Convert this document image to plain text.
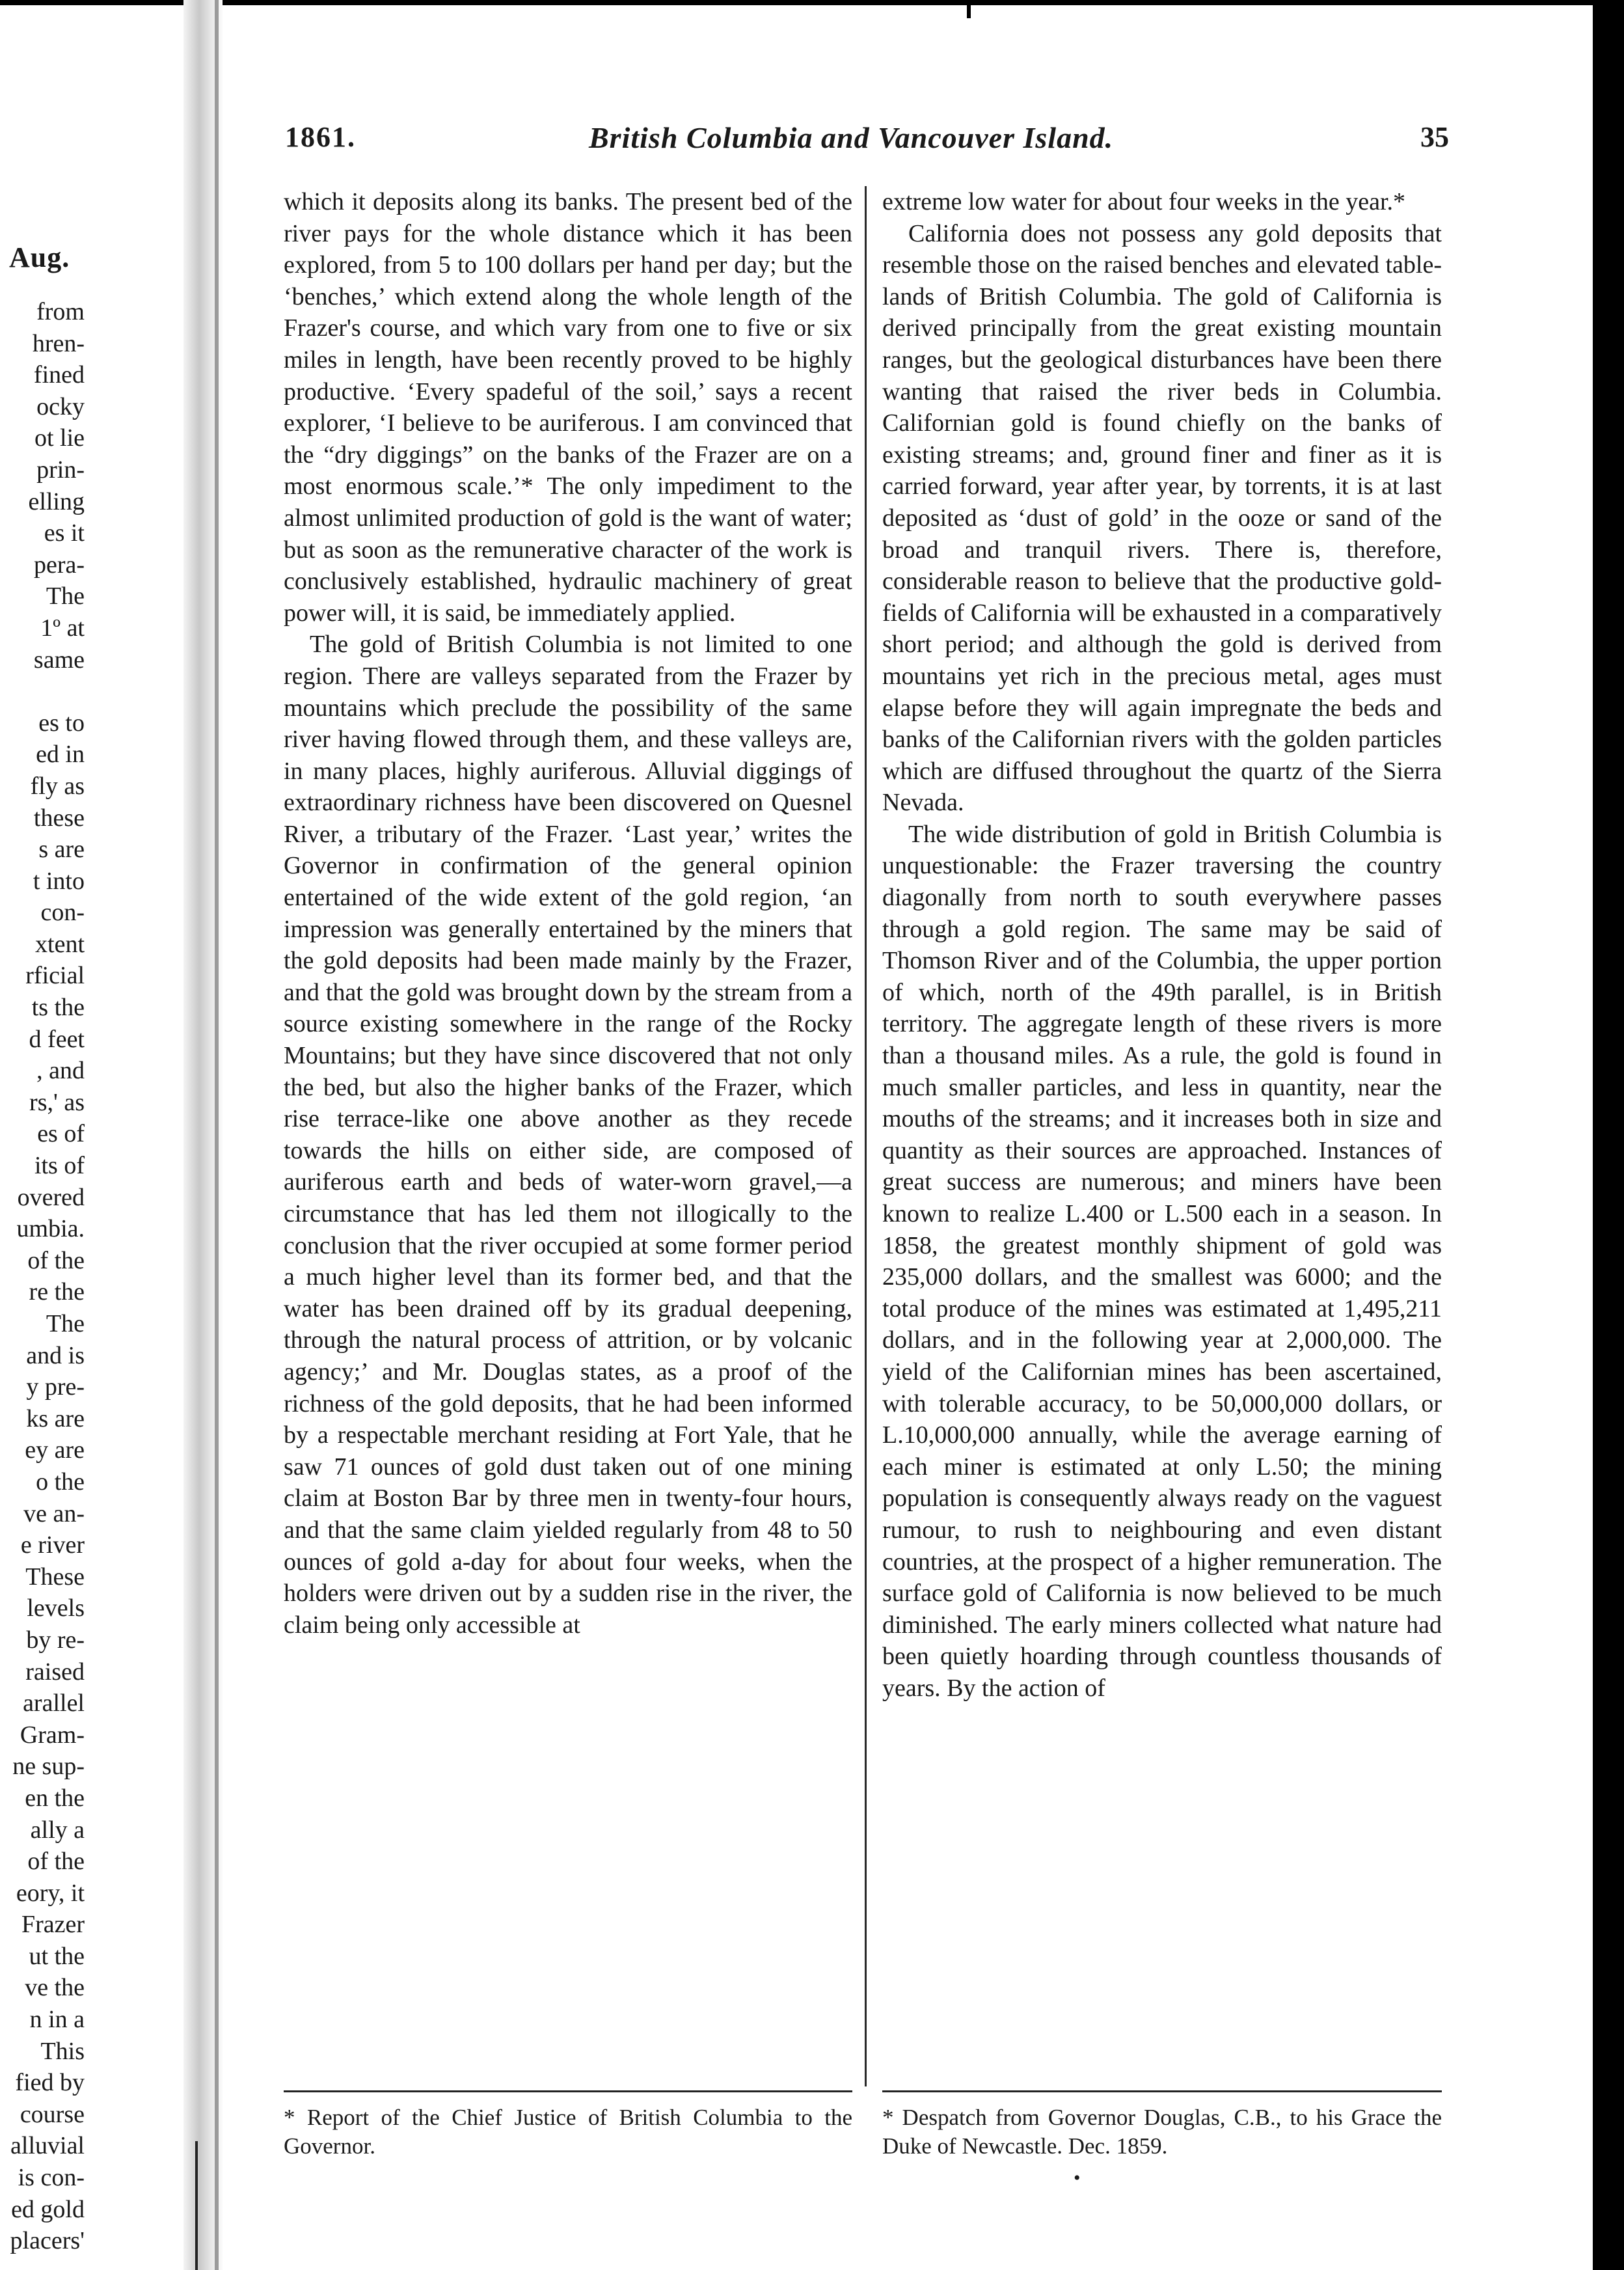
Aug.
from
hren-
fined
ocky
ot lie
prin-
elling
es it
pera-
The
1º at
same

es to
ed in
fly as
these
s are
t into
con-
xtent
rficial
ts the
d feet
, and
rs,' as
es of
its of
overed
umbia.
of the
re the
The
and is
y pre-
ks are
ey are
o the
ve an-
e river
These
levels
by re-
raised
arallel
Gram-
ne sup-
en the
ally a
of the
eory, it
Frazer
ut the
ve the
n in a
This
fied by
course
alluvial
is con-
ed gold
placers'
1861.	British Columbia and Vancouver Island.	35

which it deposits along its banks. The present bed of the river pays for the whole distance which it has been explored, from 5 to 100 dollars per hand per day; but the ‘benches,’ which extend along the whole length of the Frazer's course, and which vary from one to five or six miles in length, have been recently proved to be highly productive. ‘Every spadeful of the soil,’ says a recent explorer, ‘I believe to be auriferous. I am convinced that the “dry diggings” on the banks of the Frazer are on a most enormous scale.’* The only impediment to the almost unlimited production of gold is the want of water; but as soon as the remunerative character of the work is conclusively established, hydraulic machinery of great power will, it is said, be immediately applied.

The gold of British Columbia is not limited to one region. There are valleys separated from the Frazer by mountains which preclude the possibility of the same river having flowed through them, and these valleys are, in many places, highly auriferous. Alluvial diggings of extraordinary richness have been discovered on Quesnel River, a tributary of the Frazer. ‘Last year,’ writes the Governor in confirmation of the general opinion entertained of the wide extent of the gold region, ‘an impression was generally entertained by the miners that the gold deposits had been made mainly by the Frazer, and that the gold was brought down by the stream from a source existing somewhere in the range of the Rocky Mountains; but they have since discovered that not only the bed, but also the higher banks of the Frazer, which rise terrace-like one above another as they recede towards the hills on either side, are composed of auriferous earth and beds of water-worn gravel,—a circumstance that has led them not illogically to the conclusion that the river occupied at some former period a much higher level than its former bed, and that the water has been drained off by its gradual deepening, through the natural process of attrition, or by volcanic agency;’ and Mr. Douglas states, as a proof of the richness of the gold deposits, that he had been informed by a respectable merchant residing at Fort Yale, that he saw 71 ounces of gold dust taken out of one mining claim at Boston Bar by three men in twenty-four hours, and that the same claim yielded regularly from 48 to 50 ounces of gold a-day for about four weeks, when the holders were driven out by a sudden rise in the river, the claim being only accessible at

extreme low water for about four weeks in the year.*

California does not possess any gold deposits that resemble those on the raised benches and elevated table-lands of British Columbia. The gold of California is derived principally from the great existing mountain ranges, but the geological disturbances have been there wanting that raised the river beds in Columbia. Californian gold is found chiefly on the banks of existing streams; and, ground finer and finer as it is carried forward, year after year, by torrents, it is at last deposited as ‘dust of gold’ in the ooze or sand of the broad and tranquil rivers. There is, therefore, considerable reason to believe that the productive gold-fields of California will be exhausted in a comparatively short period; and although the gold is derived from mountains yet rich in the precious metal, ages must elapse before they will again impregnate the beds and banks of the Californian rivers with the golden particles which are diffused throughout the quartz of the Sierra Nevada.

The wide distribution of gold in British Columbia is unquestionable: the Frazer traversing the country diagonally from north to south everywhere passes through a gold region. The same may be said of Thomson River and of the Columbia, the upper portion of which, north of the 49th parallel, is in British territory. The aggregate length of these rivers is more than a thousand miles. As a rule, the gold is found in much smaller particles, and less in quantity, near the mouths of the streams; and it increases both in size and quantity as their sources are approached. Instances of great success are numerous; and miners have been known to realize L.400 or L.500 each in a season. In 1858, the greatest monthly shipment of gold was 235,000 dollars, and the smallest was 6000; and the total produce of the mines was estimated at 1,495,211 dollars, and in the following year at 2,000,000. The yield of the Californian mines has been ascertained, with tolerable accuracy, to be 50,000,000 dollars, or L.10,000,000 annually, while the average earning of each miner is estimated at only L.50; the mining population is consequently always ready on the vaguest rumour, to rush to neighbouring and even distant countries, at the prospect of a higher remuneration. The surface gold of California is now believed to be much diminished. The early miners collected what nature had been quietly hoarding through countless thousands of years. By the action of

* Report of the Chief Justice of British Columbia to the Governor.
* Despatch from Governor Douglas, C.B., to his Grace the Duke of Newcastle. Dec. 1859.
•
